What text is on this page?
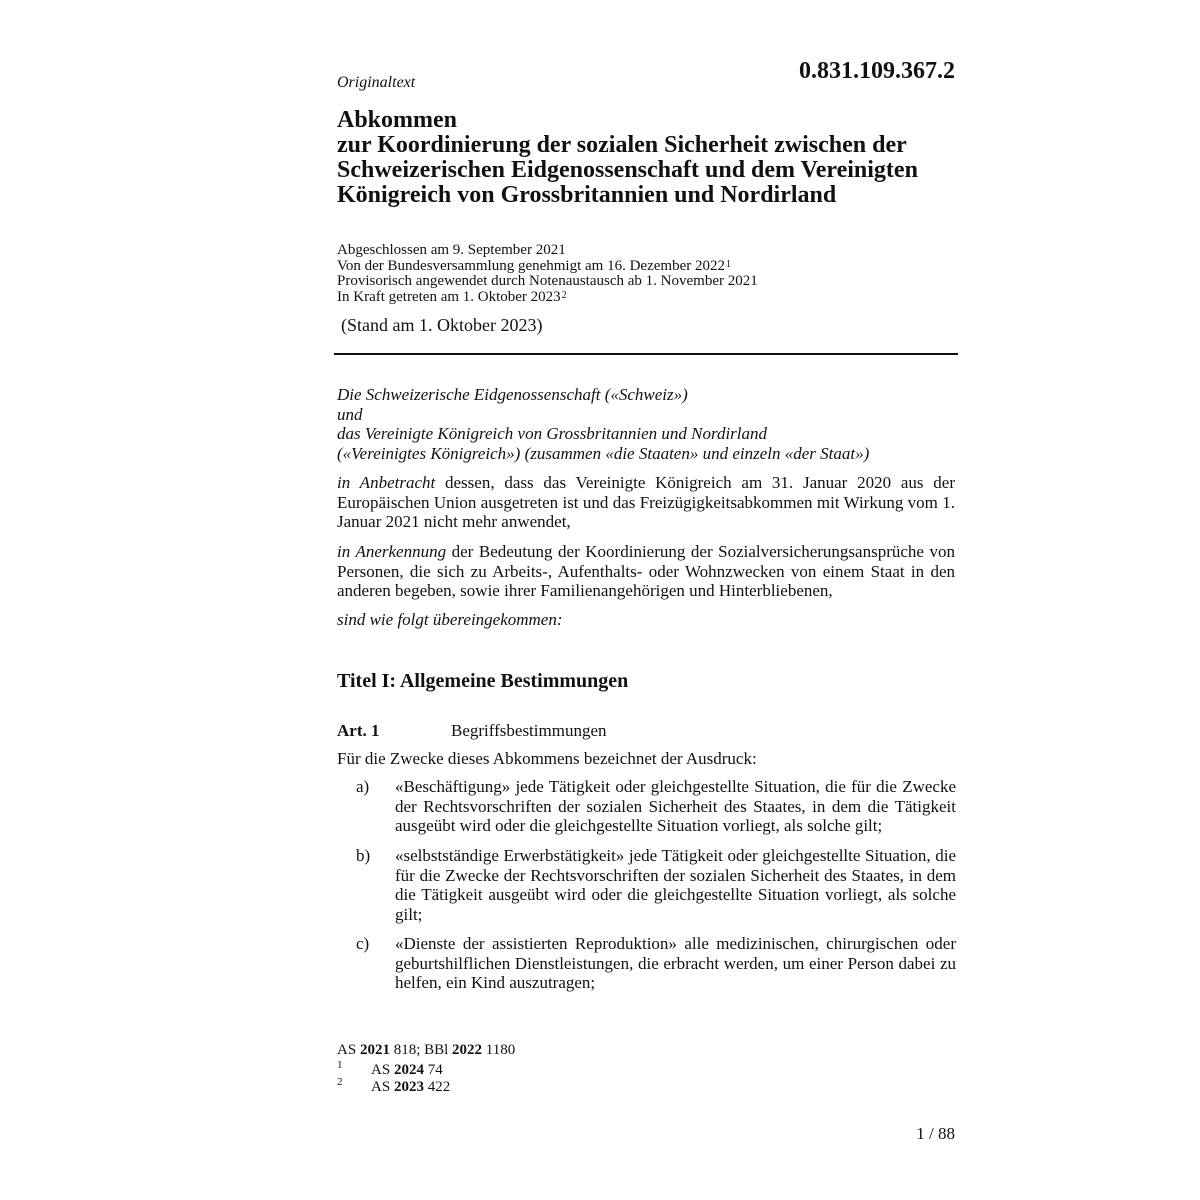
Originaltext	0.831.109.367.2
Abkommen
zur Koordinierung der sozialen Sicherheit zwischen der
Schweizerischen Eidgenossenschaft und dem Vereinigten
Königreich von Grossbritannien und Nordirland
Abgeschlossen am 9. September 2021
Von der Bundesversammlung genehmigt am 16. Dezember 2022$^1$
Provisorisch angewendet durch Notenaustausch ab 1. November 2021
In Kraft getreten am 1. Oktober 2023$^2$
(Stand am 1. Oktober 2023)
Die Schweizerische Eidgenossenschaft («Schweiz»)
und
das Vereinigte Königreich von Grossbritannien und Nordirland
(«Vereinigtes Königreich») (zusammen «die Staaten» und einzeln «der Staat»)
in Anbetracht dessen, dass das Vereinigte Königreich am 31. Januar 2020 aus der Europäischen Union ausgetreten ist und das Freizügigkeitsabkommen mit Wirkung vom 1. Januar 2021 nicht mehr anwendet,
in Anerkennung der Bedeutung der Koordinierung der Sozialversicherungsansprüche von Personen, die sich zu Arbeits-, Aufenthalts- oder Wohnzwecken von einem Staat in den anderen begeben, sowie ihrer Familienangehörigen und Hinterbliebenen,
sind wie folgt übereingekommen:
Titel I: Allgemeine Bestimmungen
Art. 1	Begriffsbestimmungen
Für die Zwecke dieses Abkommens bezeichnet der Ausdruck:
a)	«Beschäftigung» jede Tätigkeit oder gleichgestellte Situation, die für die Zwecke der Rechtsvorschriften der sozialen Sicherheit des Staates, in dem die Tätigkeit ausgeübt wird oder die gleichgestellte Situation vorliegt, als solche gilt;
b)	«selbstständige Erwerbstätigkeit» jede Tätigkeit oder gleichgestellte Situation, die für die Zwecke der Rechtsvorschriften der sozialen Sicherheit des Staates, in dem die Tätigkeit ausgeübt wird oder die gleichgestellte Situation vorliegt, als solche gilt;
c)	«Dienste der assistierten Reproduktion» alle medizinischen, chirurgischen oder geburtshilflichen Dienstleistungen, die erbracht werden, um einer Person dabei zu helfen, ein Kind auszutragen;
AS 2021 818; BBl 2022 1180
1 AS 2024 74
2 AS 2023 422
1 / 88
